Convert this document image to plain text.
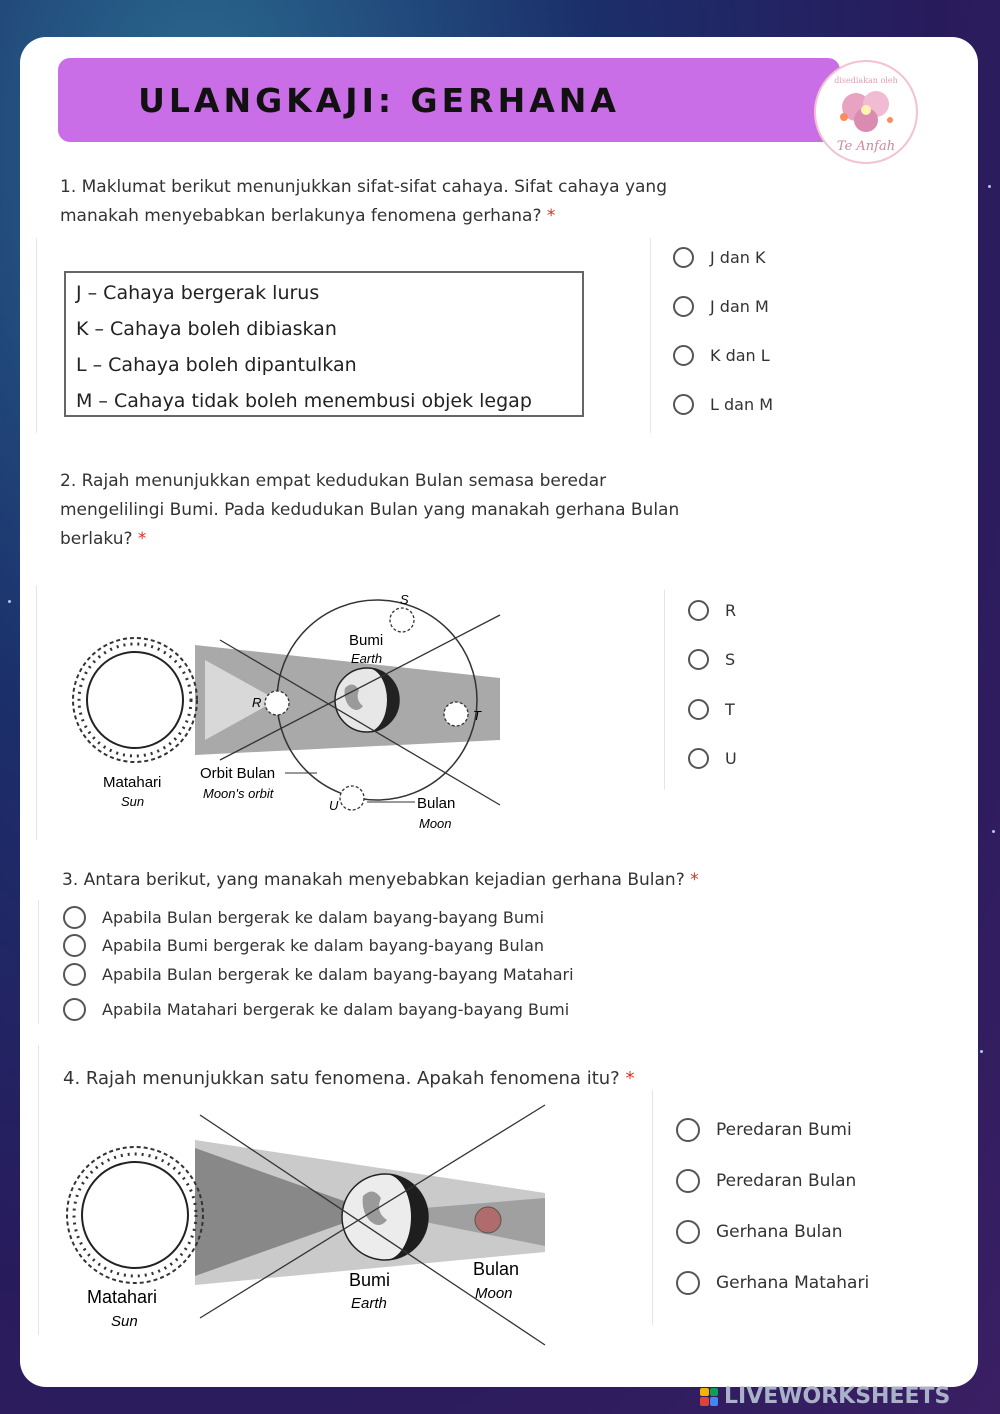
ULANGKAJI: GERHANA	disediakan oleh
Te Anfah
1. Maklumat berikut menunjukkan sifat-sifat cahaya. Sifat cahaya yang
manakah menyebabkan berlakunya fenomena gerhana? *
J – Cahaya bergerak lurus
K – Cahaya boleh dibiaskan
L – Cahaya boleh dipantulkan
M – Cahaya tidak boleh menembusi objek legap
J dan K
J dan M
K dan L
L dan M
2. Rajah menunjukkan empat kedudukan Bulan semasa beredar
mengelilingi Bumi. Pada kedudukan Bulan yang manakah gerhana Bulan
berlaku? *
R
S
T
U
Bumi
Earth
Matahari
Sun
Orbit Bulan
Moon's orbit
Bulan
Moon
R
S
T
U
3. Antara berikut, yang manakah menyebabkan kejadian gerhana Bulan? *
Apabila Bulan bergerak ke dalam bayang-bayang Bumi
Apabila Bumi bergerak ke dalam bayang-bayang Bulan
Apabila Bulan bergerak ke dalam bayang-bayang Matahari
Apabila Matahari bergerak ke dalam bayang-bayang Bumi
4. Rajah menunjukkan satu fenomena. Apakah fenomena itu? *
Matahari
Sun
Bumi
Earth
Bulan
Moon
Peredaran Bumi
Peredaran Bulan
Gerhana Bulan
Gerhana Matahari
LIVEWORKSHEETS
